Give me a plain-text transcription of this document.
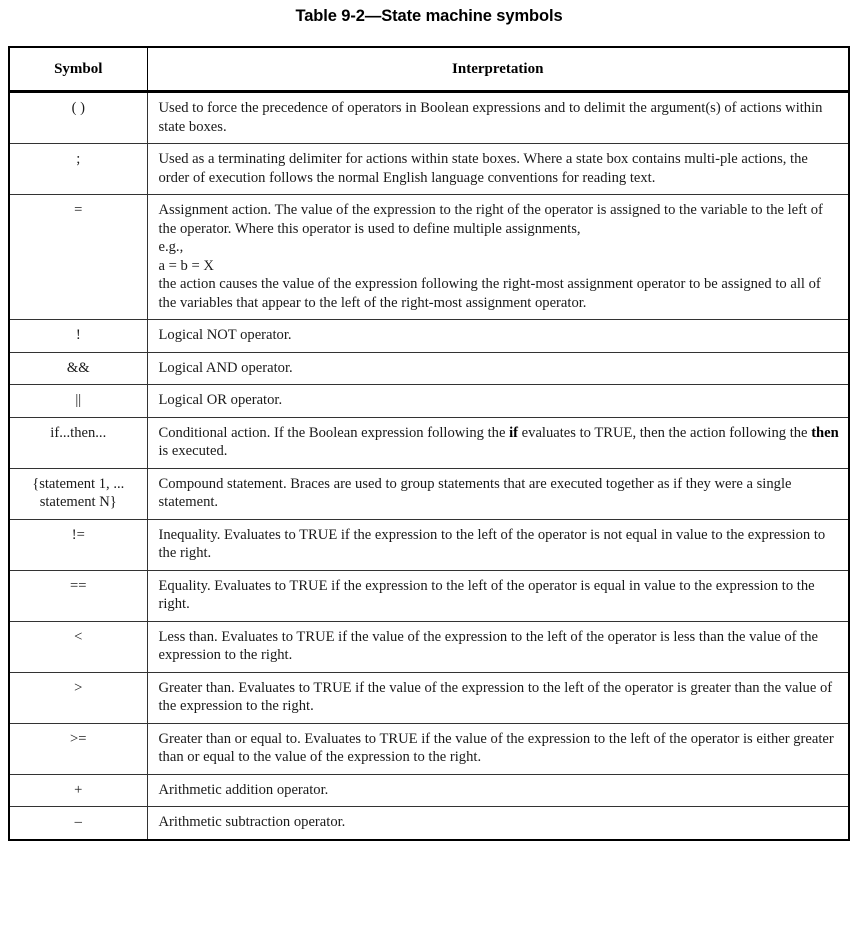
Table 9-2—State machine symbols
Symbol	Interpretation
( )	Used to force the precedence of operators in Boolean expressions and to delimit the argument(s) of actions within state boxes.
;	Used as a terminating delimiter for actions within state boxes. Where a state box contains multi-ple actions, the order of execution follows the normal English language conventions for reading text.
=	Assignment action. The value of the expression to the right of the operator is assigned to the variable to the left of the operator. Where this operator is used to define multiple assignments,
e.g.,
a = b = X
the action causes the value of the expression following the right-most assignment operator to be assigned to all of the variables that appear to the left of the right-most assignment operator.

!	Logical NOT operator.
&&	Logical AND operator.
||	Logical OR operator.
if...then...	Conditional action. If the Boolean expression following the if evaluates to TRUE, then the action following the then is executed.

{statement 1, ...
statement N}	Compound statement. Braces are used to group statements that are executed together as if they were a single statement.
!=	Inequality. Evaluates to TRUE if the expression to the left of the operator is not equal in value to the expression to the right.
==	Equality. Evaluates to TRUE if the expression to the left of the operator is equal in value to the expression to the right.
<	Less than. Evaluates to TRUE if the value of the expression to the left of the operator is less than the value of the expression to the right.
>	Greater than. Evaluates to TRUE if the value of the expression to the left of the operator is greater than the value of the expression to the right.
>=	Greater than or equal to. Evaluates to TRUE if the value of the expression to the left of the operator is either greater than or equal to the value of the expression to the right.
+	Arithmetic addition operator.
–	Arithmetic subtraction operator.
